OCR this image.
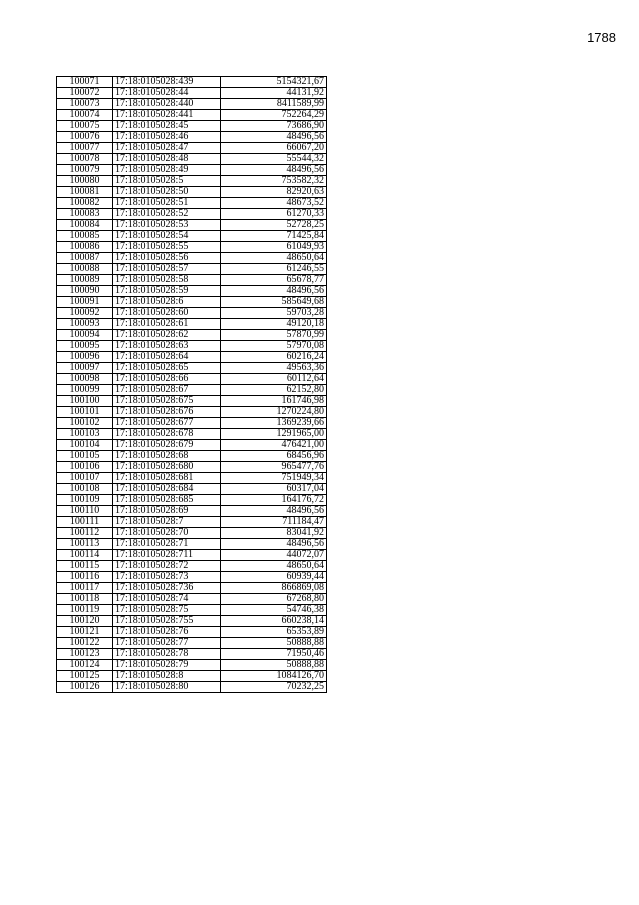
1788
100071	17:18:0105028:439	5154321,67
100072	17:18:0105028:44	44131,92
100073	17:18:0105028:440	8411589,99
100074	17:18:0105028:441	752264,29
100075	17:18:0105028:45	73686,90
100076	17:18:0105028:46	48496,56
100077	17:18:0105028:47	66067,20
100078	17:18:0105028:48	55544,32
100079	17:18:0105028:49	48496,56
100080	17:18:0105028:5	753582,32
100081	17:18:0105028:50	82920,63
100082	17:18:0105028:51	48673,52
100083	17:18:0105028:52	61270,33
100084	17:18:0105028:53	52728,25
100085	17:18:0105028:54	71425,84
100086	17:18:0105028:55	61049,93
100087	17:18:0105028:56	48650,64
100088	17:18:0105028:57	61246,55
100089	17:18:0105028:58	65678,77
100090	17:18:0105028:59	48496,56
100091	17:18:0105028:6	585649,68
100092	17:18:0105028:60	59703,28
100093	17:18:0105028:61	49120,18
100094	17:18:0105028:62	57870,99
100095	17:18:0105028:63	57970,08
100096	17:18:0105028:64	60216,24
100097	17:18:0105028:65	49563,36
100098	17:18:0105028:66	60112,64
100099	17:18:0105028:67	62152,80
100100	17:18:0105028:675	161746,98
100101	17:18:0105028:676	1270224,80
100102	17:18:0105028:677	1369239,66
100103	17:18:0105028:678	1291965,00
100104	17:18:0105028:679	476421,00
100105	17:18:0105028:68	68456,96
100106	17:18:0105028:680	965477,76
100107	17:18:0105028:681	751949,34
100108	17:18:0105028:684	60317,04
100109	17:18:0105028:685	164176,72
100110	17:18:0105028:69	48496,56
100111	17:18:0105028:7	711184,47
100112	17:18:0105028:70	83041,92
100113	17:18:0105028:71	48496,56
100114	17:18:0105028:711	44072,07
100115	17:18:0105028:72	48650,64
100116	17:18:0105028:73	60939,44
100117	17:18:0105028:736	866869,08
100118	17:18:0105028:74	67268,80
100119	17:18:0105028:75	54746,38
100120	17:18:0105028:755	660238,14
100121	17:18:0105028:76	65353,89
100122	17:18:0105028:77	50888,88
100123	17:18:0105028:78	71950,46
100124	17:18:0105028:79	50888,88
100125	17:18:0105028:8	1084126,70
100126	17:18:0105028:80	70232,25
